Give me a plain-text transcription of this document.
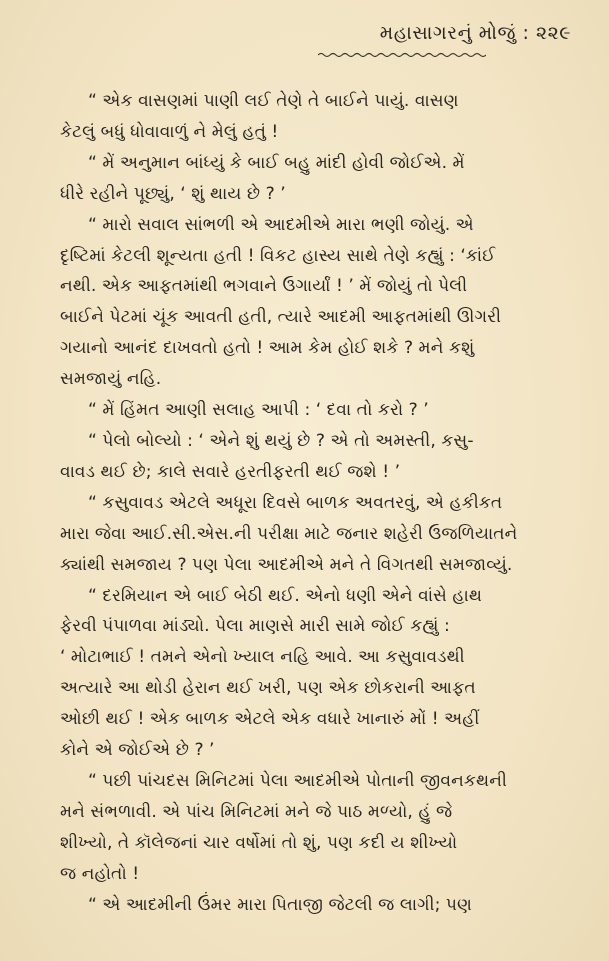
મહાસાગરનું મોજું : ૨૨૯

“ એક વાસણમાં પાણી લઈ તેણે તે બાઈને પાયું. વાસણ
કેટલું બધું ધોવાવાળું ને મેલું હતું !

“ મેં અનુમાન બાંધ્યું કે બાઈ બહુ માંદી હોવી જોઈએ. મેં
ધીરે રહીને પૂછ્યું, ‘ શું થાય છે ? ’

“ મારો સવાલ સાંભળી એ આદમીએ મારા ભણી જોયું. એ
દૃષ્ટિમાં કેટલી શૂન્યતા હતી ! વિકટ હાસ્ય સાથે તેણે કહ્યું : ‘કાંઈ
નથી. એક આફતમાંથી ભગવાને ઉગાર્યાં ! ’ મેં જોયું તો પેલી
બાઈને પેટમાં ચૂંક આવતી હતી, ત્યારે આદમી આફતમાંથી ઊગરી
ગયાનો આનંદ દાખવતો હતો ! આમ કેમ હોઈ શકે ? મને કશું
સમજાયું નહિ.

“ મેં હિંમત આણી સલાહ આપી : ‘ દવા તો કરો ? ’

“ પેલો બોલ્યો : ‘ એને શું થયું છે ? એ તો અમસ્તી, કસુ-
વાવડ થઈ છે; કાલે સવારે હરતીફરતી થઈ જશે ! ’

“ કસુવાવડ એટલે અધૂરા દિવસે બાળક અવતરવું, એ હકીકત
મારા જેવા આઈ.સી.એસ.ની પરીક્ષા માટે જનાર શહેરી ઉજળિયાતને
ક્યાંથી સમજાય ? પણ પેલા આદમીએ મને તે વિગતથી સમજાવ્યું.

“ દરમિયાન એ બાઈ બેઠી થઈ. એનો ધણી એને વાંસે હાથ
ફેરવી પંપાળવા માંડ્યો. પેલા માણસે મારી સામે જોઈ કહ્યું :
‘ મોટાભાઈ ! તમને એનો ખ્યાલ નહિ આવે. આ કસુવાવડથી
અત્યારે આ થોડી હેરાન થઈ ખરી, પણ એક છોકરાની આફત
ઓછી થઈ ! એક બાળક એટલે એક વધારે ખાનારું મોં ! અહીં
કોને એ જોઈએ છે ? ’

“ પછી પાંચદસ મિનિટમાં પેલા આદમીએ પોતાની જીવનકથની
મને સંભળાવી. એ પાંચ મિનિટમાં મને જે પાઠ મળ્યો, હું જે
શીખ્યો, તે કૉલેજનાં ચાર વર્ષોમાં તો શું, પણ કદી ય શીખ્યો
જ નહોતો !

“ એ આદમીની ઉંમર મારા પિતાજી જેટલી જ લાગી; પણ
